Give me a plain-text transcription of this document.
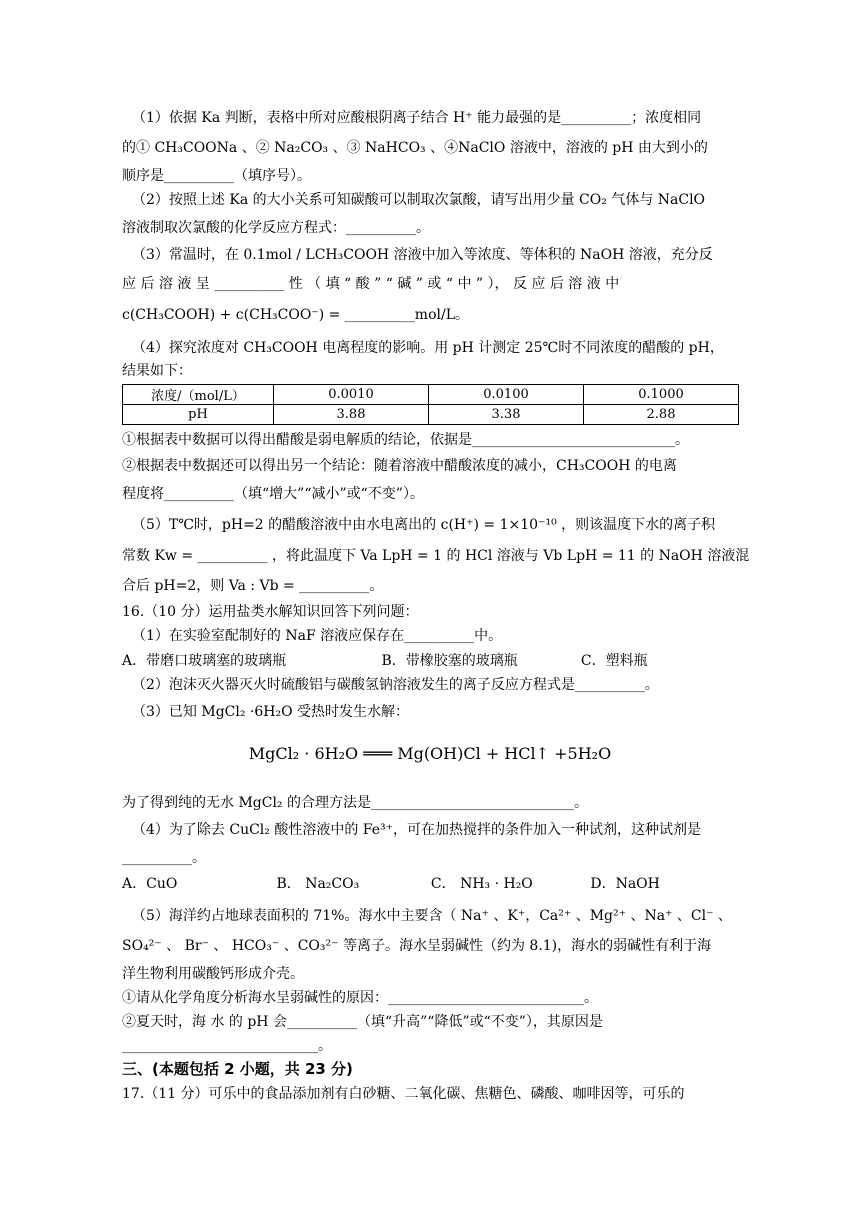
（1）依据 Ka 判断，表格中所对应酸根阴离子结合 H⁺ 能力最强的是__________；浓度相同
的① CH₃COONa 、② Na₂CO₃ 、③ NaHCO₃ 、④NaClO 溶液中，溶液的 pH 由大到小的
顺序是__________（填序号）。
（2）按照上述 Ka 的大小关系可知碳酸可以制取次氯酸，请写出用少量 CO₂ 气体与 NaClO
溶液制取次氯酸的化学反应方程式：__________。
（3）常温时，在 0.1mol / LCH₃COOH 溶液中加入等浓度、等体积的 NaOH 溶液，充分反
应 后 溶 液 呈 __________ 性 （ 填 “ 酸 ” “ 碱 ” 或 “ 中 ” ）， 反 应 后 溶 液 中
c(CH₃COOH) + c(CH₃COO⁻) = __________mol/L。
（4）探究浓度对 CH₃COOH 电离程度的影响。用 pH 计测定 25℃时不同浓度的醋酸的 pH，
结果如下：
浓度/（mol/L）	0.0010	0.0100	0.1000
pH	3.88	3.38	2.88
①根据表中数据可以得出醋酸是弱电解质的结论，依据是_____________________________。
②根据表中数据还可以得出另一个结论：随着溶液中醋酸浓度的减小，CH₃COOH 的电离
程度将__________（填“增大”“减小”或“不变”）。
（5）T℃时，pH=2 的醋酸溶液中由水电离出的 c(H⁺) = 1×10⁻¹⁰ ，则该温度下水的离子积
常数 Kw = __________ ，将此温度下 Va LpH = 1 的 HCl 溶液与 Vb LpH = 11 的 NaOH 溶液混
合后 pH=2，则 Va : Vb = __________。
16.（10 分）运用盐类水解知识回答下列问题：
（1）在实验室配制好的 NaF 溶液应保存在__________中。
A．带磨口玻璃塞的玻璃瓶	B．带橡胶塞的玻璃瓶	C．塑料瓶
（2）泡沫灭火器灭火时硫酸铝与碳酸氢钠溶液发生的离子反应方程式是__________。
（3）已知 MgCl₂ ·6H₂O 受热时发生水解：
MgCl₂ · 6H₂O ═══ Mg(OH)Cl + HCl↑ +5H₂O
为了得到纯的无水 MgCl₂ 的合理方法是_____________________________。
（4）为了除去 CuCl₂ 酸性溶液中的 Fe³⁺，可在加热搅拌的条件加入一种试剂，这种试剂是
__________。
A．CuO	B． Na₂CO₃	C． NH₃ · H₂O	D．NaOH
（5）海洋约占地球表面积的 71%。海水中主要含（ Na⁺ 、K⁺，Ca²⁺ 、Mg²⁺ 、Na⁺ 、Cl⁻ 、
SO₄²⁻ 、 Br⁻ 、 HCO₃⁻ 、CO₃²⁻ 等离子。海水呈弱碱性（约为 8.1)，海水的弱碱性有利于海
洋生物利用碳酸钙形成介壳。
①请从化学角度分析海水呈弱碱性的原因：____________________________。
②夏天时，海 水 的 pH 会__________（填“升高”“降低”或“不变”），其原因是
____________________________。
三、(本题包括 2 小题，共 23 分)
17.（11 分）可乐中的食品添加剂有白砂糖、二氧化碳、焦糖色、磷酸、咖啡因等，可乐的
